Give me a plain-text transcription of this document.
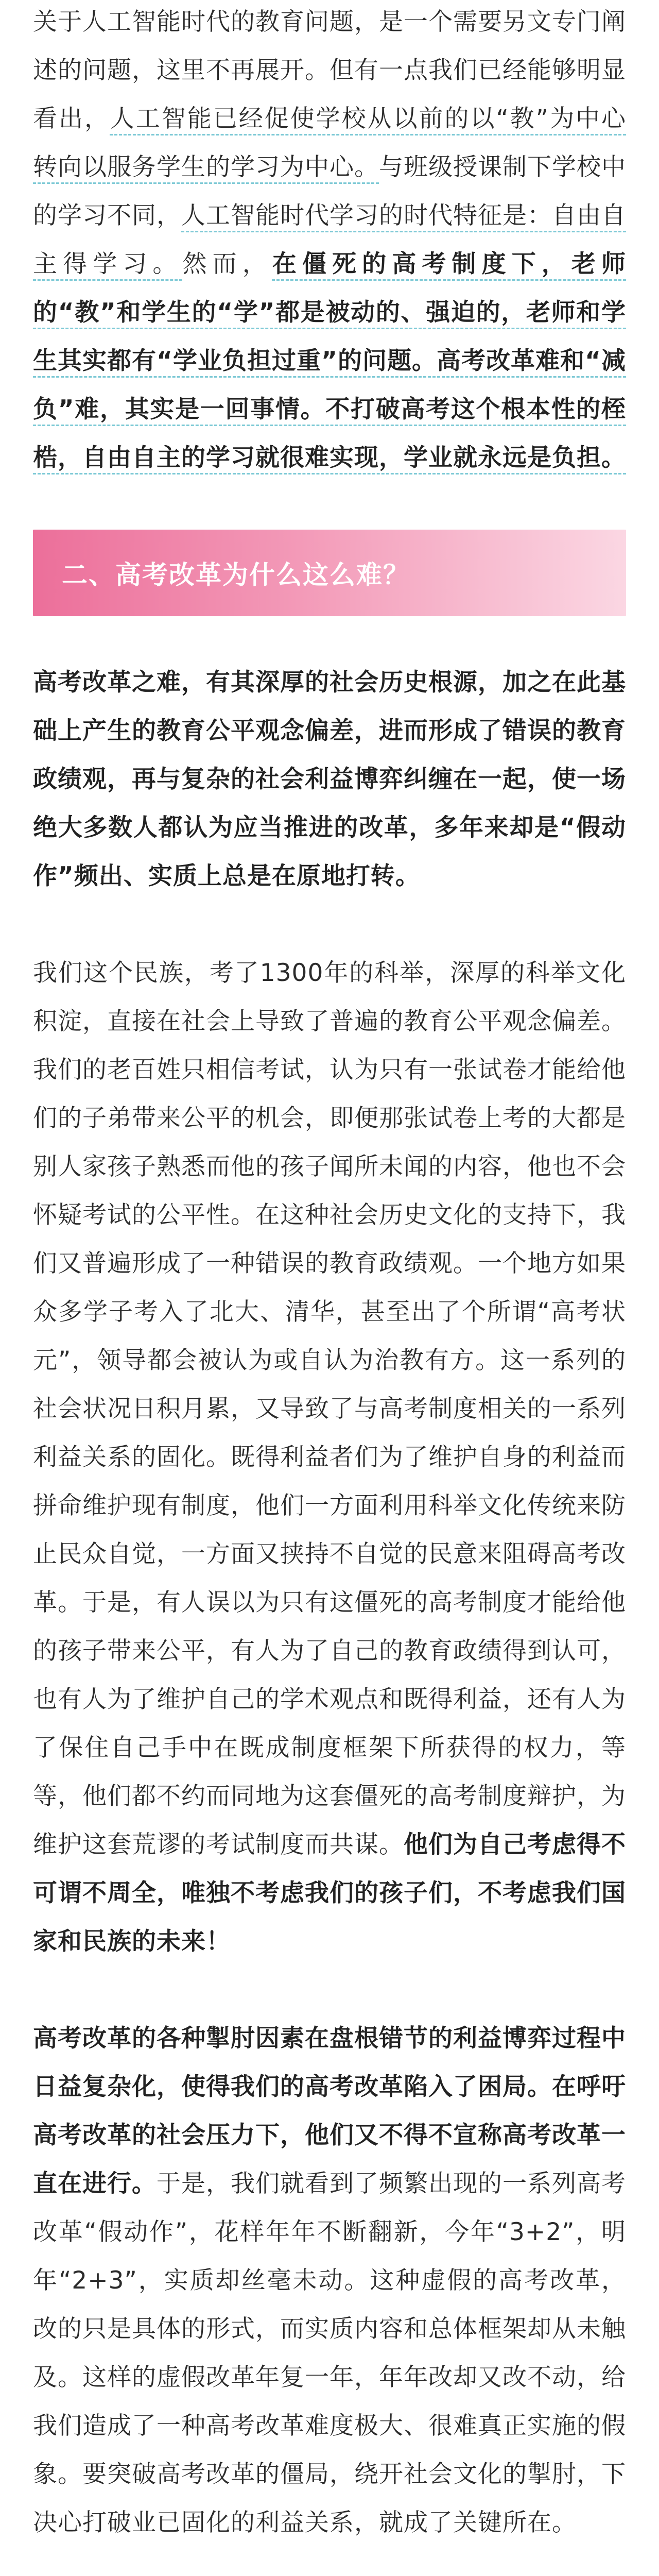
关于人工智能时代的教育问题，是一个需要另文专门阐述的问题，这里不再展开。但有一点我们已经能够明显看出，人工智能已经促使学校从以前的以“教”为中心转向以服务学生的学习为中心。与班级授课制下学校中的学习不同，人工智能时代学习的时代特征是：自由自主得学习。然而，在僵死的高考制度下，老师的“教”和学生的“学”都是被动的、强迫的，老师和学生其实都有“学业负担过重”的问题。高考改革难和“减负”难，其实是一回事情。不打破高考这个根本性的桎梏，自由自主的学习就很难实现，学业就永远是负担。

二、高考改革为什么这么难？

高考改革之难，有其深厚的社会历史根源，加之在此基础上产生的教育公平观念偏差，进而形成了错误的教育政绩观，再与复杂的社会利益博弈纠缠在一起，使一场绝大多数人都认为应当推进的改革，多年来却是“假动作”频出、实质上总是在原地打转。

我们这个民族，考了1300年的科举，深厚的科举文化积淀，直接在社会上导致了普遍的教育公平观念偏差。我们的老百姓只相信考试，认为只有一张试卷才能给他们的子弟带来公平的机会，即便那张试卷上考的大都是别人家孩子熟悉而他的孩子闻所未闻的内容，他也不会怀疑考试的公平性。在这种社会历史文化的支持下，我们又普遍形成了一种错误的教育政绩观。一个地方如果众多学子考入了北大、清华，甚至出了个所谓“高考状元”，领导都会被认为或自认为治教有方。这一系列的社会状况日积月累，又导致了与高考制度相关的一系列利益关系的固化。既得利益者们为了维护自身的利益而拼命维护现有制度，他们一方面利用科举文化传统来防止民众自觉，一方面又挟持不自觉的民意来阻碍高考改革。于是，有人误以为只有这僵死的高考制度才能给他的孩子带来公平，有人为了自己的教育政绩得到认可，也有人为了维护自己的学术观点和既得利益，还有人为了保住自己手中在既成制度框架下所获得的权力，等等，他们都不约而同地为这套僵死的高考制度辩护，为维护这套荒谬的考试制度而共谋。他们为自己考虑得不可谓不周全，唯独不考虑我们的孩子们，不考虑我们国家和民族的未来！

高考改革的各种掣肘因素在盘根错节的利益博弈过程中日益复杂化，使得我们的高考改革陷入了困局。在呼吁高考改革的社会压力下，他们又不得不宣称高考改革一直在进行。于是，我们就看到了频繁出现的一系列高考改革“假动作”，花样年年不断翻新，今年“3+2”，明年“2+3”，实质却丝毫未动。这种虚假的高考改革，改的只是具体的形式，而实质内容和总体框架却从未触及。这样的虚假改革年复一年，年年改却又改不动，给我们造成了一种高考改革难度极大、很难真正实施的假象。要突破高考改革的僵局，绕开社会文化的掣肘，下决心打破业已固化的利益关系，就成了关键所在。
